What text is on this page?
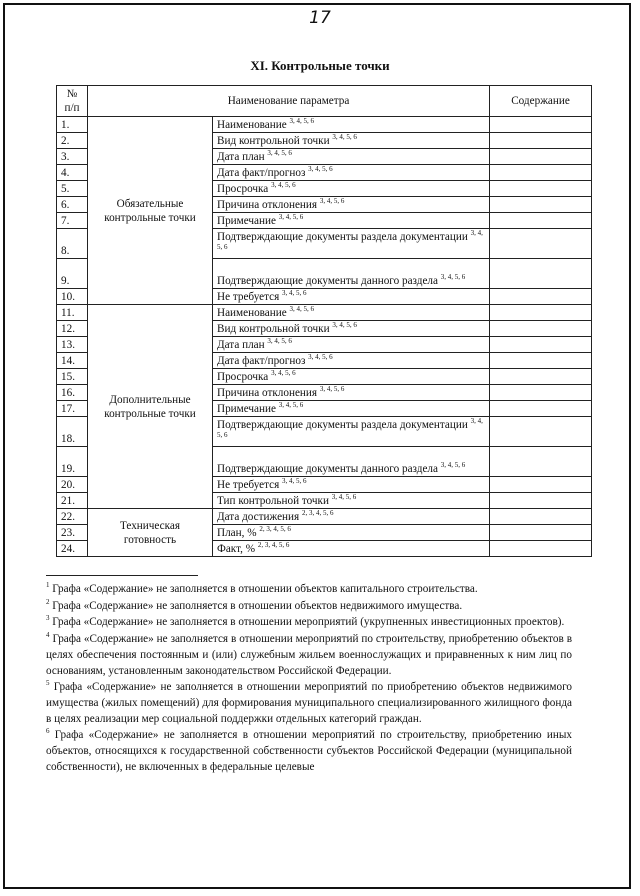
17
XI. Контрольные точки
№ п/п	Наименование параметра		Содержание
1.	Обязательные контрольные точки	Наименование $^{3, 4, 5, 6}$	
2.		Вид контрольной точки $^{3, 4, 5, 6}$	
3.		Дата план $^{3, 4, 5, 6}$	
4.		Дата факт/прогноз $^{3, 4, 5, 6}$	
5.		Просрочка $^{3, 4, 5, 6}$	
6.		Причина отклонения $^{3, 4, 5, 6}$	
7.		Примечание $^{3, 4, 5, 6}$	
8.		Подтверждающие документы раздела документации $^{3, 4, 5, 6}$	
9.		Подтверждающие документы данного раздела $^{3, 4, 5, 6}$	
10.		Не требуется $^{3, 4, 5, 6}$	
11.	Дополнительные контрольные точки	Наименование $^{3, 4, 5, 6}$	
12.		Вид контрольной точки $^{3, 4, 5, 6}$	
13.		Дата план $^{3, 4, 5, 6}$	
14.		Дата факт/прогноз $^{3, 4, 5, 6}$	
15.		Просрочка $^{3, 4, 5, 6}$	
16.		Причина отклонения $^{3, 4, 5, 6}$	
17.		Примечание $^{3, 4, 5, 6}$	
18.		Подтверждающие документы раздела документации $^{3, 4, 5, 6}$	
19.		Подтверждающие документы данного раздела $^{3, 4, 5, 6}$	
20.		Не требуется $^{3, 4, 5, 6}$	
21.		Тип контрольной точки $^{3, 4, 5, 6}$	
22.	Техническая готовность	Дата достижения $^{2, 3, 4, 5, 6}$	
23.		План, % $^{2, 3, 4, 5, 6}$	
24.		Факт, % $^{2, 3, 4, 5, 6}$	

$^1$ Графа «Содержание» не заполняется в отношении объектов капитального строительства.

$^2$ Графа «Содержание» не заполняется в отношении объектов недвижимого имущества.

$^3$ Графа «Содержание» не заполняется в отношении мероприятий (укрупненных инвестиционных проектов).

$^4$ Графа «Содержание» не заполняется в отношении мероприятий по строительству, приобретению объектов в целях обеспечения постоянным и (или) служебным жильем военнослужащих и приравненных к ним лиц по основаниям, установленным законодательством Российской Федерации.

$^5$ Графа «Содержание» не заполняется в отношении мероприятий по приобретению объектов недвижимого имущества (жилых помещений) для формирования муниципального специализированного жилищного фонда в целях реализации мер социальной поддержки отдельных категорий граждан.

$^6$ Графа «Содержание» не заполняется в отношении мероприятий по строительству, приобретению иных объектов, относящихся к государственной собственности субъектов Российской Федерации (муниципальной собственности), не включенных в федеральные целевые
